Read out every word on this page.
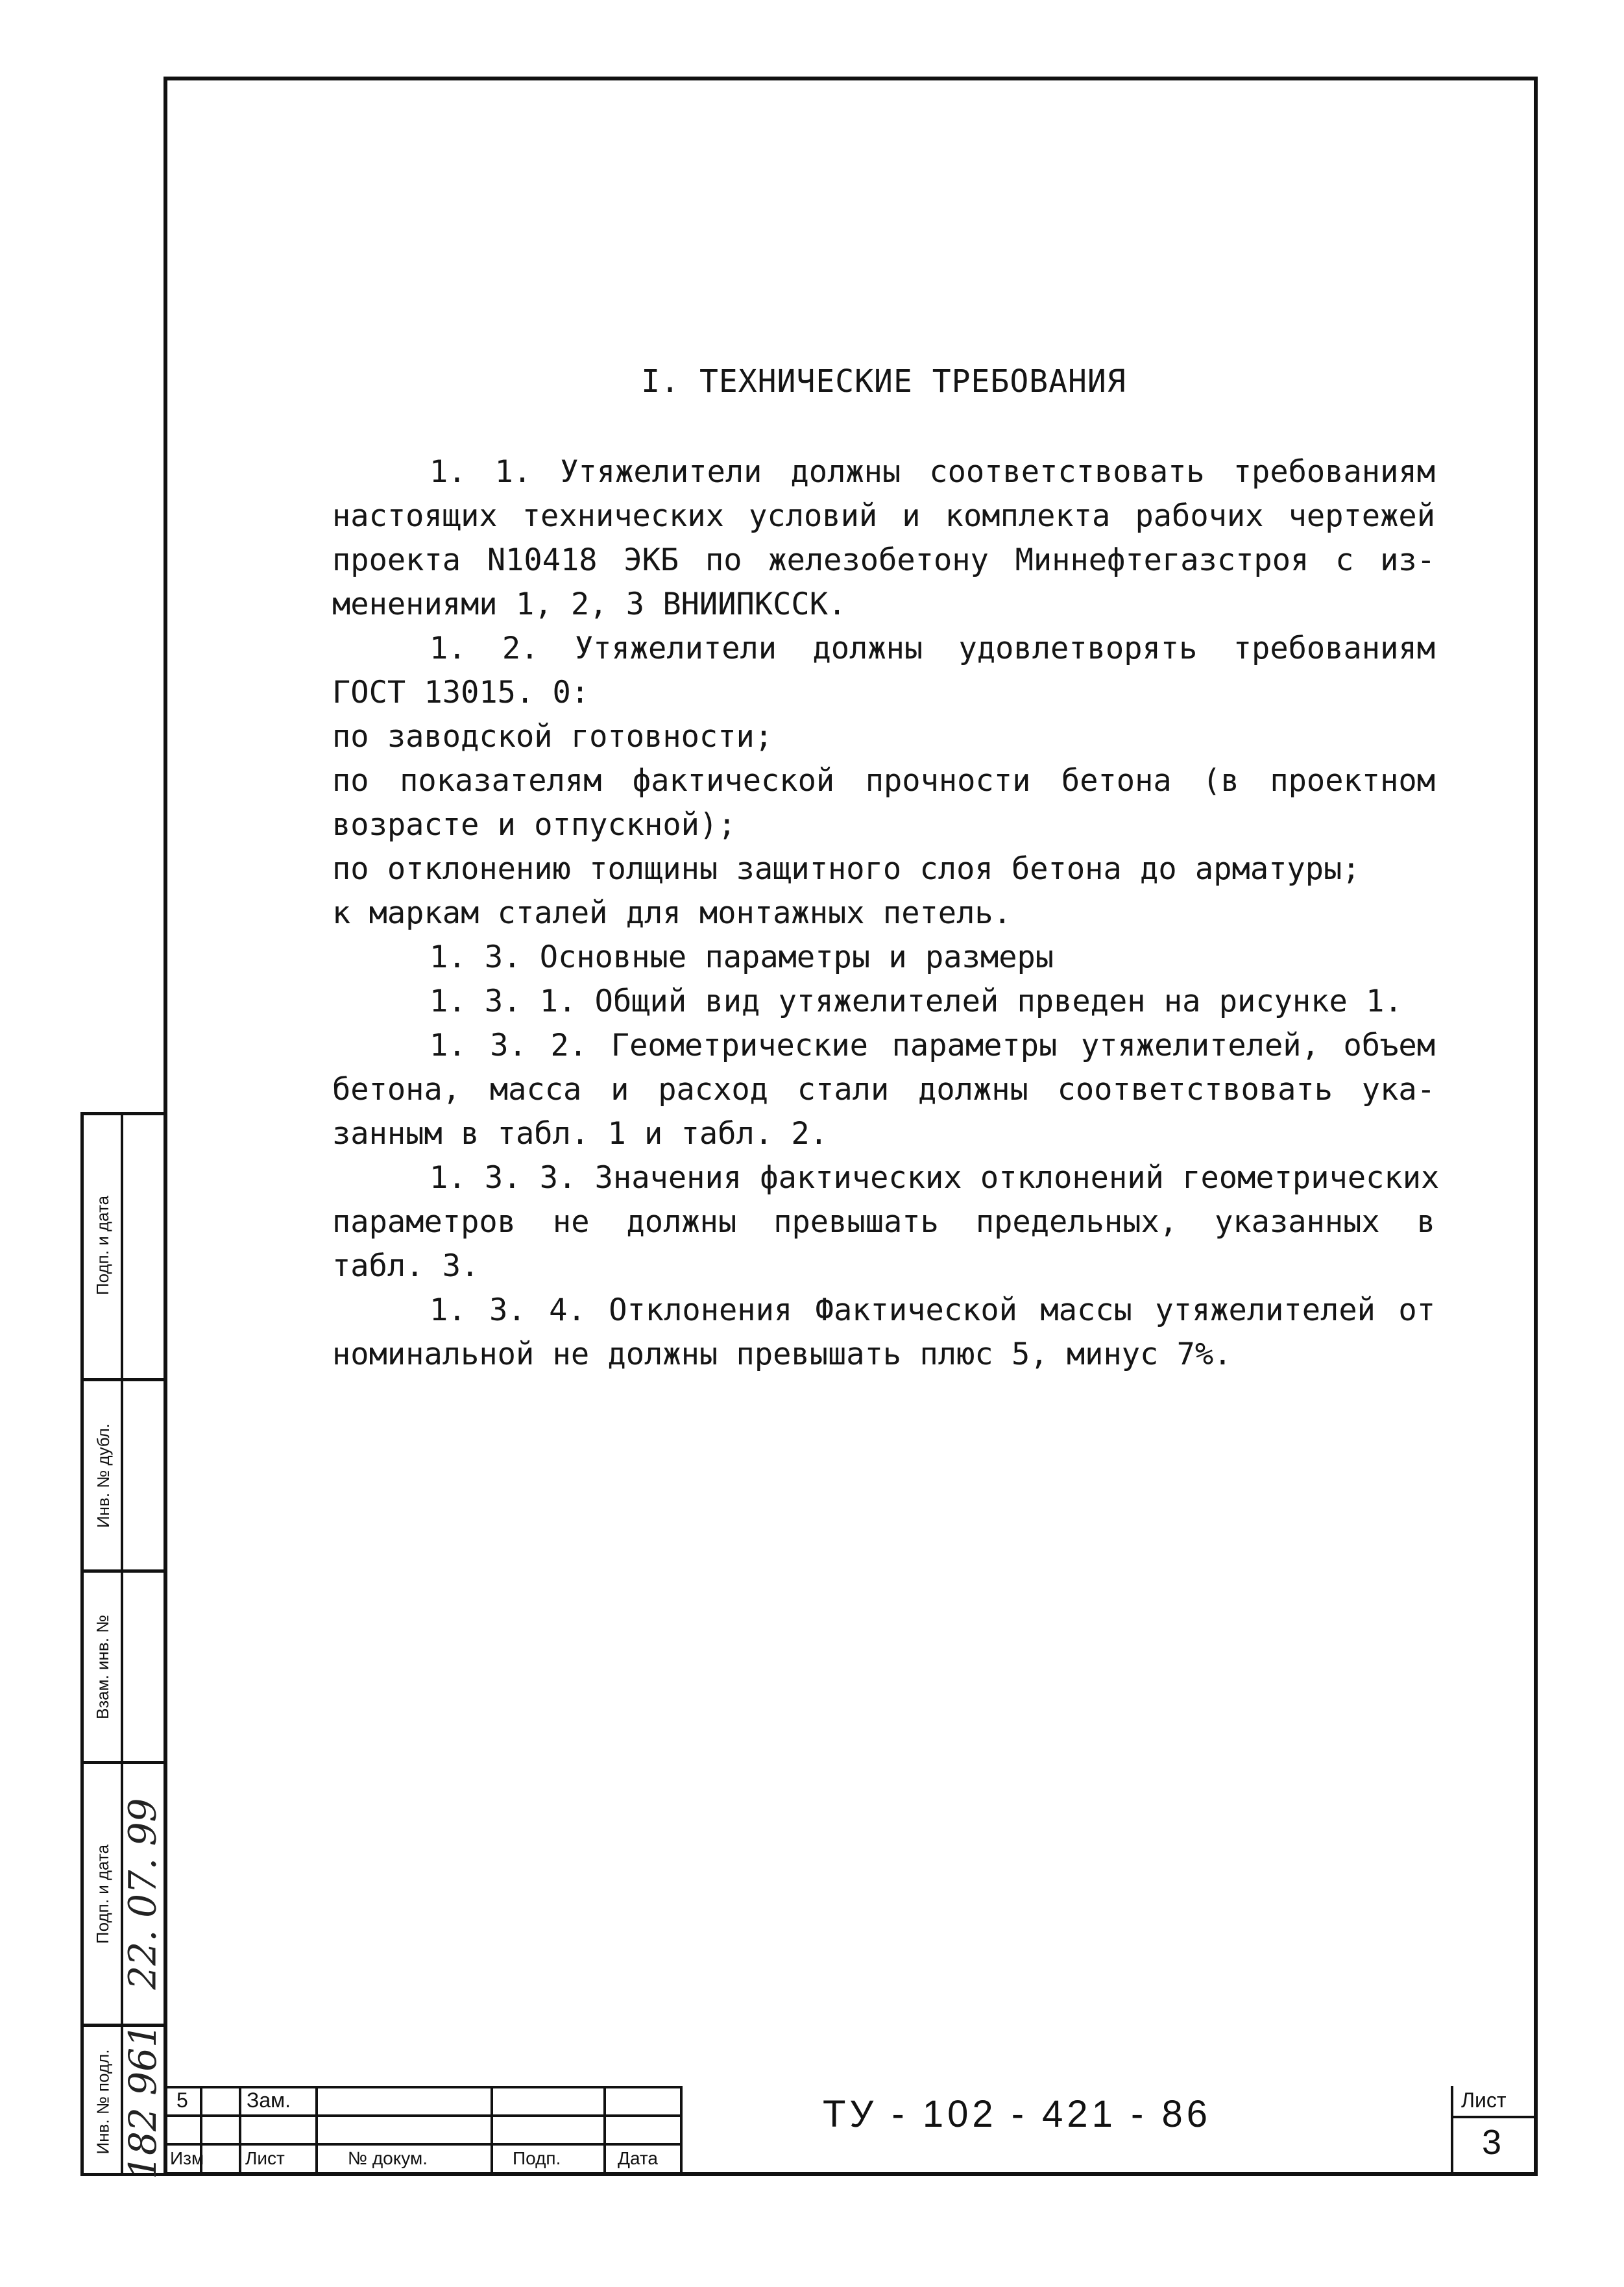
I. ТЕХНИЧЕСКИЕ ТРЕБОВАНИЯ
1. 1. Утяжелители должны соответствовать требованиям
настоящих технических условий и комплекта рабочих чертежей
проекта N10418 ЭКБ по железобетону Миннефтегазстроя с из-
менениями 1, 2, 3 ВНИИПКССК.
1. 2. Утяжелители должны удовлетворять требованиям
ГОСТ 13015. 0:
по заводской готовности;
по показателям фактической прочности бетона (в проектном
возрасте и отпускной);
по отклонению толщины защитного слоя бетона до арматуры;
к маркам сталей для монтажных петель.
1. 3. Основные параметры и размеры
1. 3. 1. Общий вид утяжелителей прведен на рисунке 1.
1. 3. 2. Геометрические параметры утяжелителей, объем
бетона, масса и расход стали должны соответствовать ука-
занным в табл. 1 и табл. 2.
1. 3. 3. Значения фактических отклонений геометрических
параметров не должны превышать предельных, указанных в
табл. 3.
1. 3. 4. Отклонения Фактической массы утяжелителей от
номинальной не должны превышать плюс 5, минус 7%.
Подп. и дата
Инв. № дубл.
Взам. инв. №
Подп. и дата
Инв. № подл.
22. 07. 99
182 961 5	Зам.
Изм Лист	№ докум.	Подп.	Дата
ТУ - 102 - 421 - 86	Лист
3
